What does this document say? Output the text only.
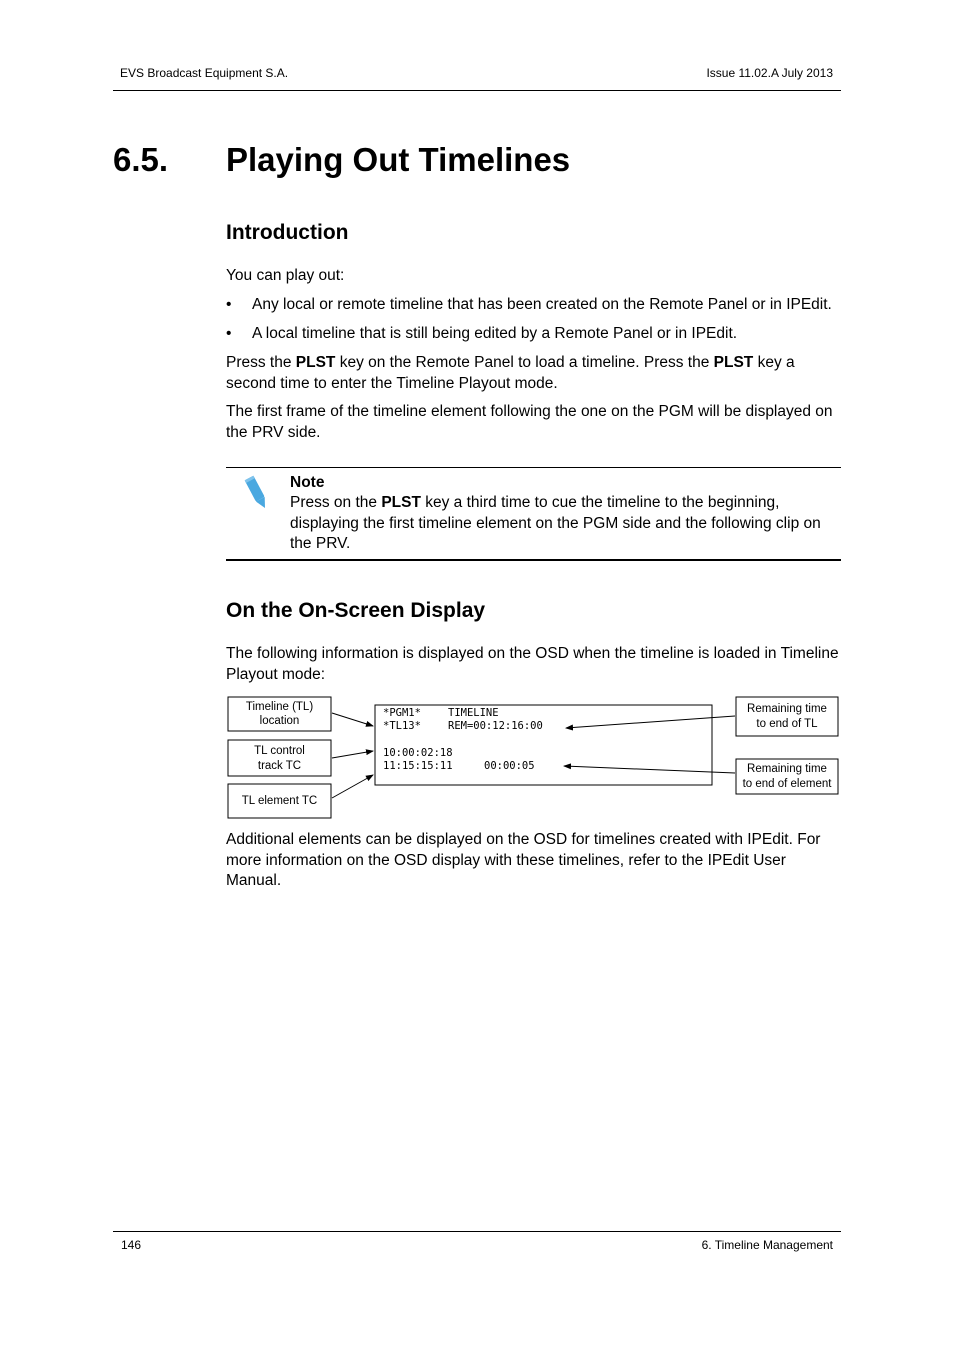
EVS Broadcast Equipment S.A.	Issue 11.02.A July 2013
6.5. Playing Out Timelines
Introduction
You can play out:
• Any local or remote timeline that has been created on the Remote Panel or in IPEdit.
• A local timeline that is still being edited by a Remote Panel or in IPEdit.
Press the PLST key on the Remote Panel to load a timeline. Press the PLST key a second time to enter the Timeline Playout mode.
The first frame of the timeline element following the one on the PGM will be displayed on the PRV side.
Note
Press on the PLST key a third time to cue the timeline to the beginning, displaying the first timeline element on the PGM side and the following clip on the PRV.
On the On-Screen Display
The following information is displayed on the OSD when the timeline is loaded in Timeline Playout mode:
Timeline (TL)
location
TL control
track TC
TL element TC
*PGM1*	TIMELINE
*TL13*	REM=00:12:16:00
10:00:02:18
11:15:15:11	00:00:05
Remaining time
to end of TL
Remaining time
to end of element
Additional elements can be displayed on the OSD for timelines created with IPEdit. For more information on the OSD display with these timelines, refer to the IPEdit User Manual.
146	6. Timeline Management
